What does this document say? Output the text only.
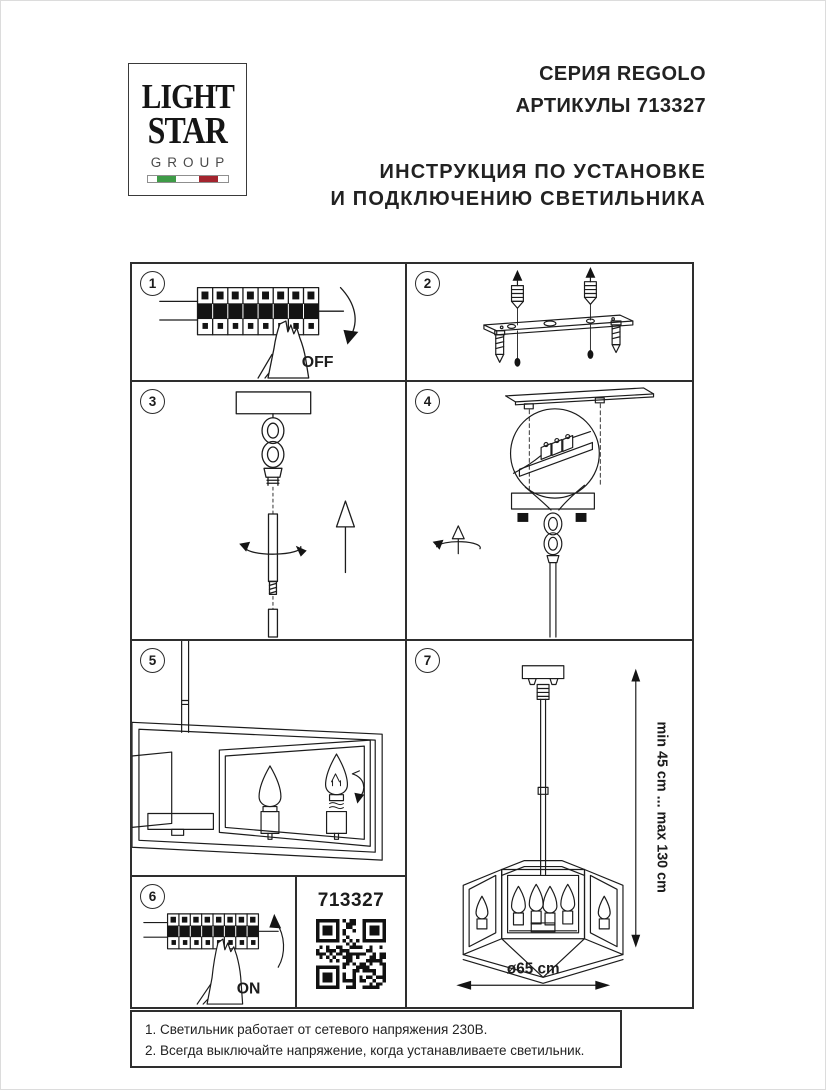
LIGHT
STAR
GROUP
СЕРИЯ REGOLO
АРТИКУЛЫ 713327
ИНСТРУКЦИЯ ПО УСТАНОВКЕ
И ПОДКЛЮЧЕНИЮ СВЕТИЛЬНИКА
1
OFF
2
3	4
5
6
ON
713327
7
min 45 cm ... max 130 cm
ø65 cm
1. Светильник работает от сетевого напряжения 230В.
2. Всегда выключайте напряжение, когда устанавливаете светильник.
